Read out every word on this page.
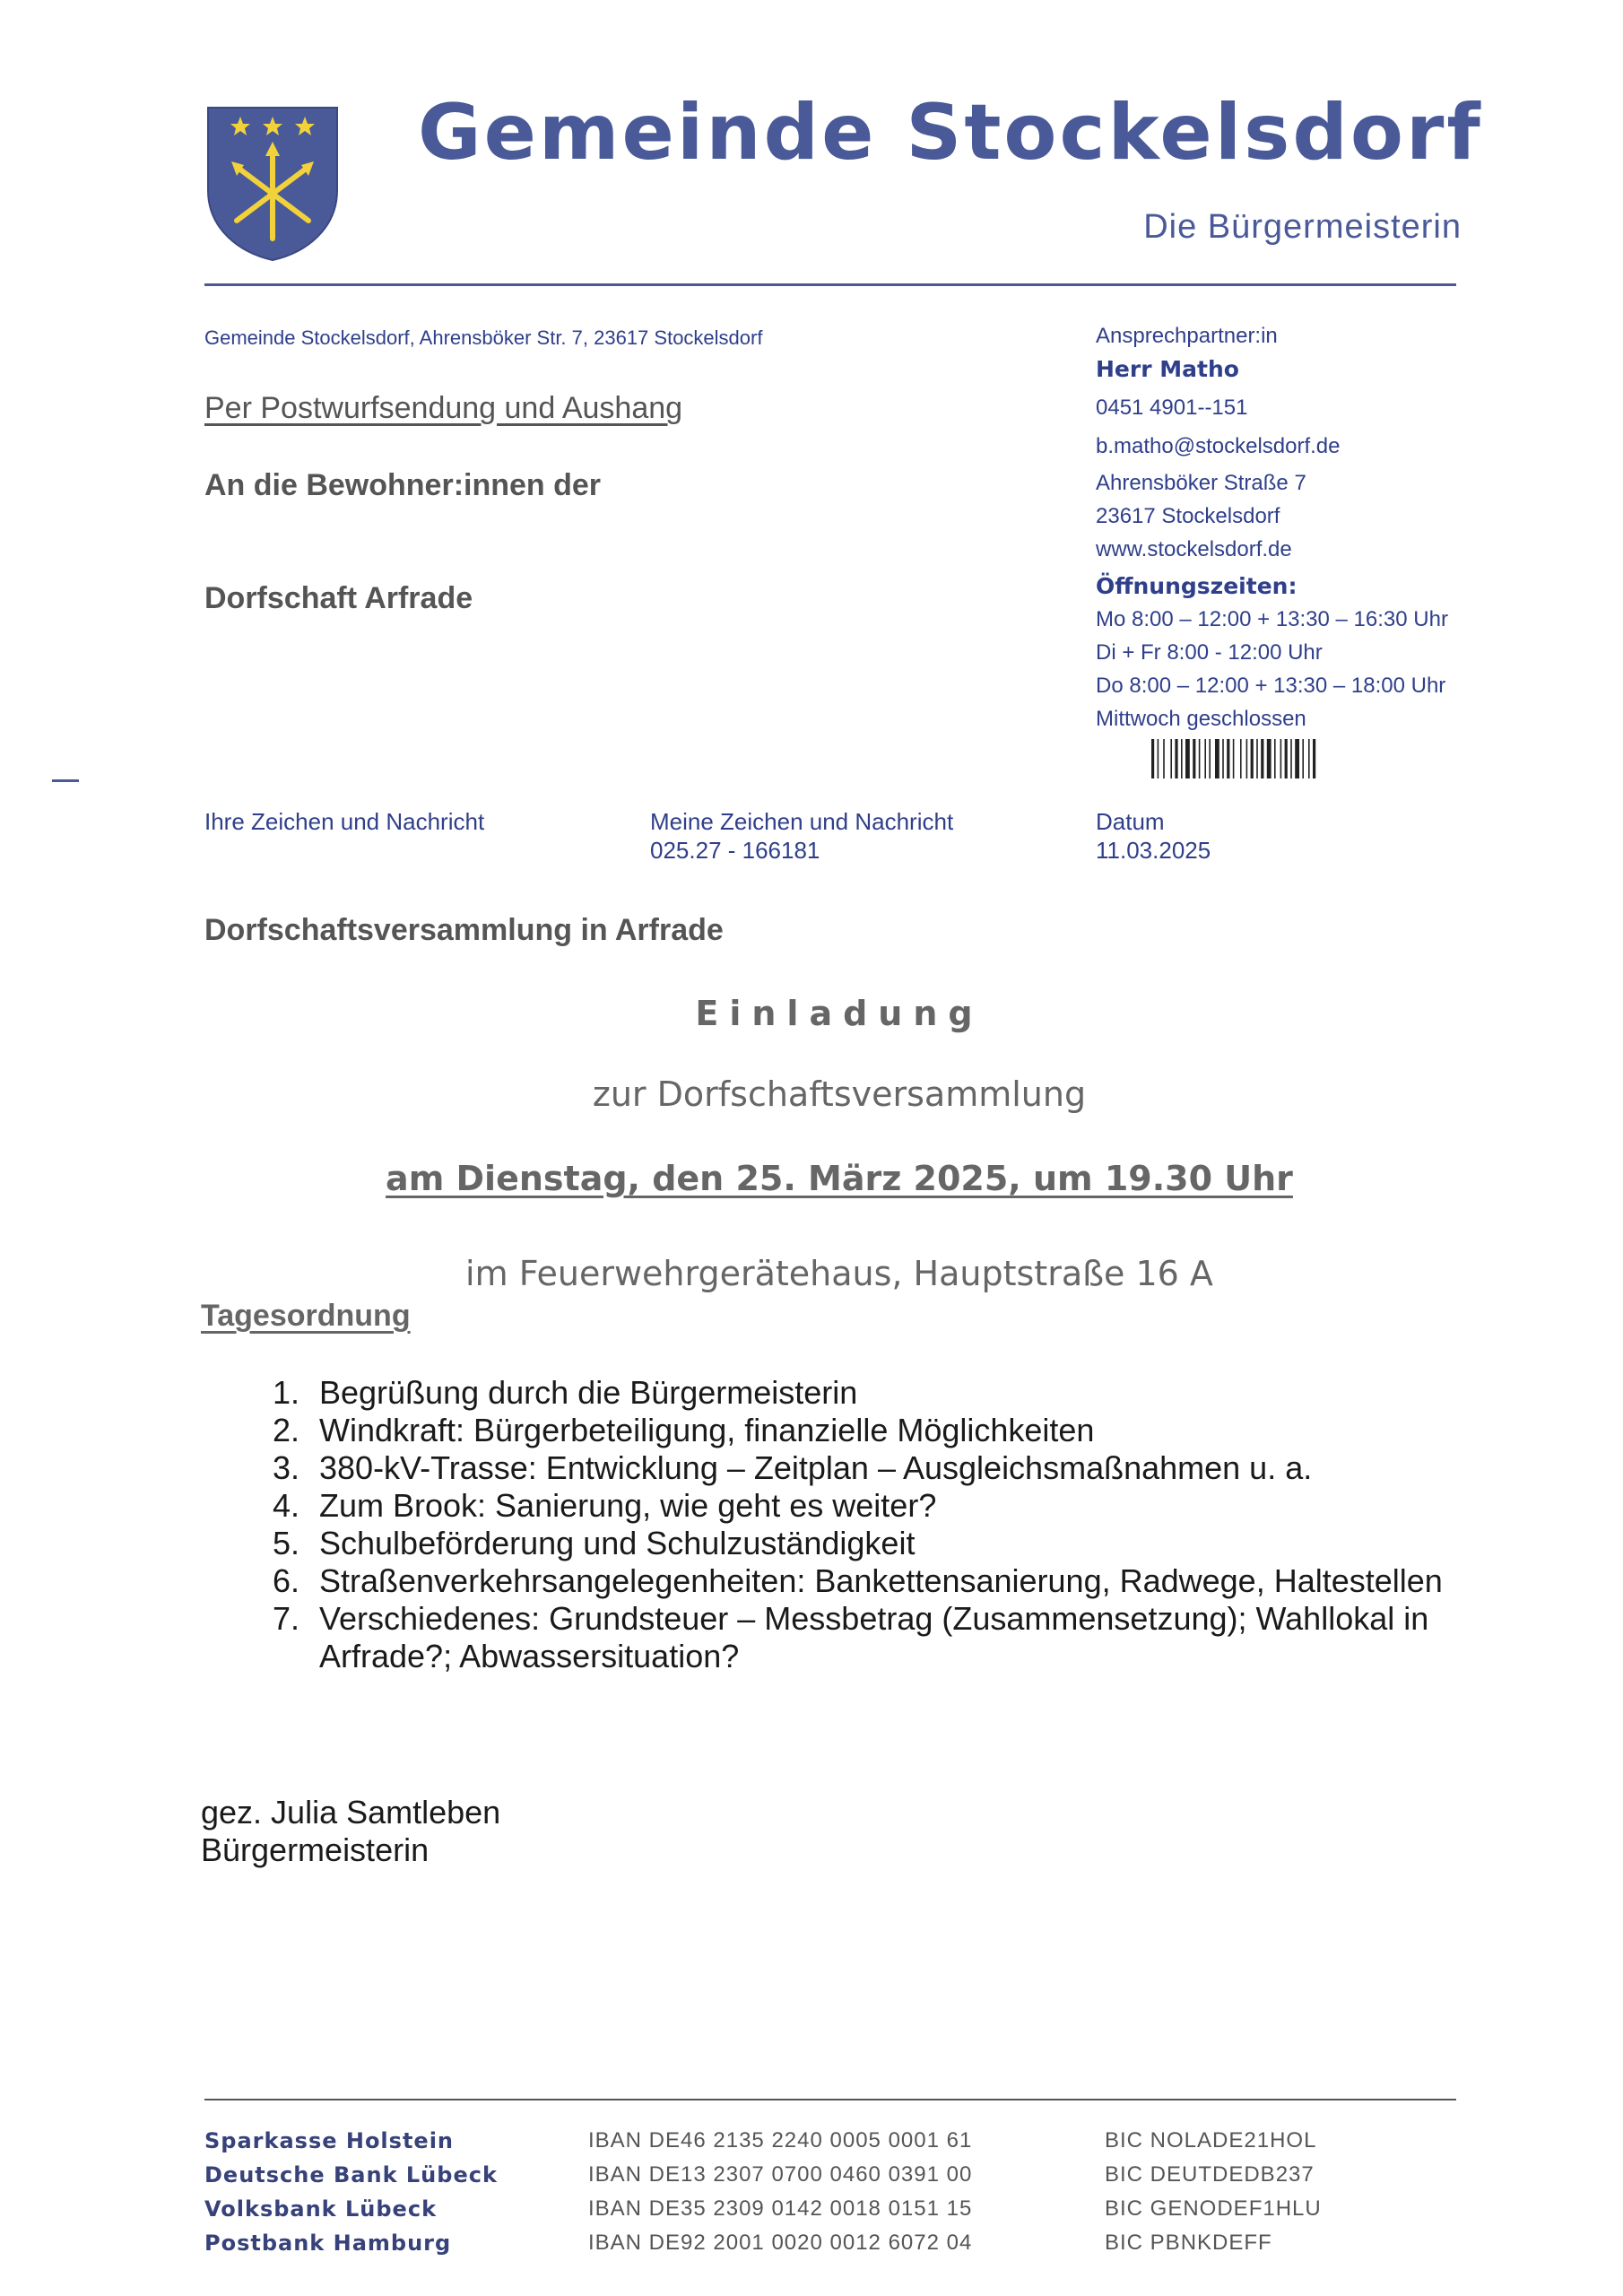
Gemeinde Stockelsdorf
Die Bürgermeisterin
Gemeinde Stockelsdorf, Ahrensböker Str. 7, 23617 Stockelsdorf
Per Postwurfsendung und Aushang
An die Bewohner:innen der
Dorfschaft Arfrade
Ansprechpartner:in
Herr Matho
0451 4901--151
b.matho@stockelsdorf.de
Ahrensböker Straße 7
23617 Stockelsdorf
www.stockelsdorf.de
Öffnungszeiten:
Mo 8:00 – 12:00 + 13:30 – 16:30 Uhr
Di + Fr 8:00 - 12:00 Uhr
Do 8:00 – 12:00 + 13:30 – 18:00 Uhr
Mittwoch geschlossen
Ihre Zeichen und Nachricht	Meine Zeichen und Nachricht
025.27 - 166181
Datum
11.03.2025
Dorfschaftsversammlung in Arfrade
Einladung
zur Dorfschaftsversammlung
am Dienstag, den 25. März 2025, um 19.30 Uhr
im Feuerwehrgerätehaus, Hauptstraße 16 A
Tagesordnung
1. Begrüßung durch die Bürgermeisterin
2. Windkraft: Bürgerbeteiligung, finanzielle Möglichkeiten
3. 380-kV-Trasse: Entwicklung – Zeitplan – Ausgleichsmaßnahmen u. a.
4. Zum Brook: Sanierung, wie geht es weiter?
5. Schulbeförderung und Schulzuständigkeit
6. Straßenverkehrsangelegenheiten: Bankettensanierung, Radwege, Haltestellen
7. Verschiedenes: Grundsteuer – Messbetrag (Zusammensetzung); Wahllokal in Arfrade?; Abwassersituation?
gez. Julia Samtleben
Bürgermeisterin
Sparkasse Holstein
Deutsche Bank Lübeck
Volksbank Lübeck
Postbank Hamburg
IBAN DE46 2135 2240 0005 0001 61
IBAN DE13 2307 0700 0460 0391 00
IBAN DE35 2309 0142 0018 0151 15
IBAN DE92 2001 0020 0012 6072 04
BIC NOLADE21HOL
BIC DEUTDEDB237
BIC GENODEF1HLU
BIC PBNKDEFF
